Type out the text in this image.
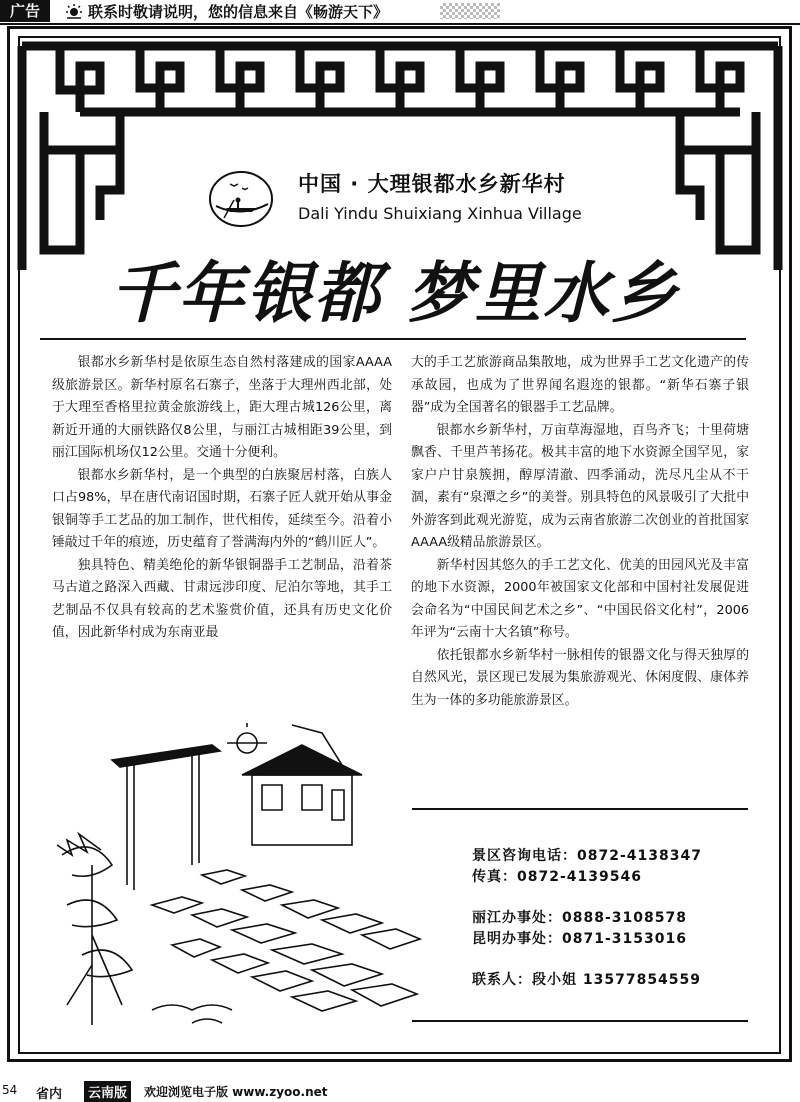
广告	联系时敬请说明，您的信息来自《畅游天下》
中国 · 大理银都水乡新华村
Dali Yindu Shuixiang Xinhua Village
千年银都 梦里水乡

银都水乡新华村是依原生态自然村落建成的国家AAAA级旅游景区。新华村原名石寨子，坐落于大理州西北部，处于大理至香格里拉黄金旅游线上，距大理古城126公里，离新近开通的大丽铁路仅8公里，与丽江古城相距39公里，到丽江国际机场仅12公里。交通十分便利。

银都水乡新华村，是一个典型的白族聚居村落，白族人口占98%，早在唐代南诏国时期，石寨子匠人就开始从事金银铜等手工艺品的加工制作，世代相传，延续至今。沿着小锤敲过千年的痕迹，历史蕴育了誉满海内外的“鹤川匠人”。

独具特色、精美绝伦的新华银铜器手工艺制品，沿着茶马古道之路深入西藏、甘肃远涉印度、尼泊尔等地，其手工艺制品不仅具有较高的艺术鉴赏价值，还具有历史文化价值，因此新华村成为东南亚最

大的手工艺旅游商品集散地，成为世界手工艺文化遗产的传承故园，也成为了世界闻名遐迩的银都。“新华石寨子银器”成为全国著名的银器手工艺品牌。

银都水乡新华村，万亩草海湿地，百鸟齐飞；十里荷塘飘香、千里芦苇扬花。极其丰富的地下水资源全国罕见，家家户户甘泉簇拥，醇厚清澈、四季涌动，洗尽凡尘从不干涸，素有“泉潭之乡”的美誉。别具特色的风景吸引了大批中外游客到此观光游览，成为云南省旅游二次创业的首批国家AAAA级精品旅游景区。

新华村因其悠久的手工艺文化、优美的田园风光及丰富的地下水资源，2000年被国家文化部和中国村社发展促进会命名为“中国民间艺术之乡”、“中国民俗文化村”，2006年评为“云南十大名镇”称号。

依托银都水乡新华村一脉相传的银器文化与得天独厚的自然风光，景区现已发展为集旅游观光、休闲度假、康体养生为一体的多功能旅游景区。

景区咨询电话：0872-4138347
传真：0872-4139546
丽江办事处：0888-3108578
昆明办事处：0871-3153016
联系人：段小姐 13577854559
54 省内	云南版	欢迎浏览电子版 www.zyoo.net
